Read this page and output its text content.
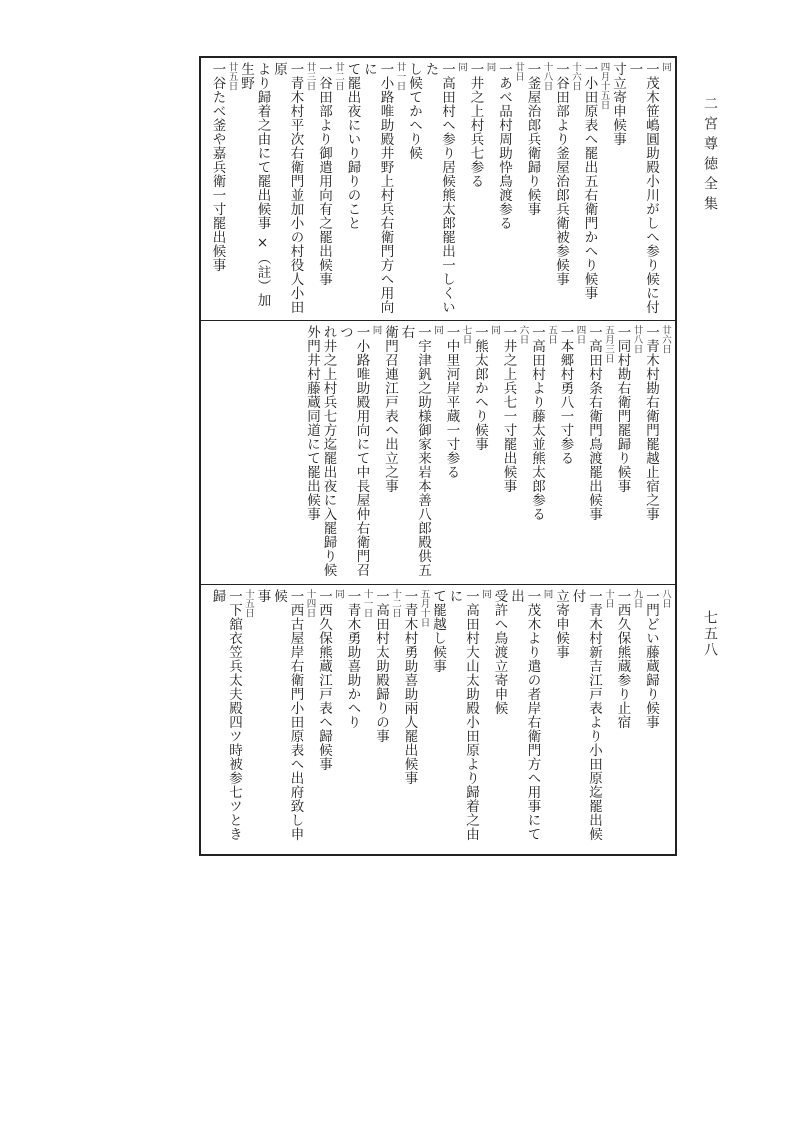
二宮尊徳全集
七五八
同
一茂木笹嶋圓助殿小川がしへ参り候に付一
寸立寄申候事
四月十五日
一小田原表へ罷出五右衛門かへり候事
十六日
一谷田部より釜屋治郎兵衛被参候事
十八日
一釜屋治郎兵衛歸り候事
廿日
一あべ品村周助忰鳥渡参る
同
一井之上村兵七参る
同
一高田村へ参り居候熊太郎罷出一しくいた
し候てかへり候
廿一日
一小路唯助殿井野上村兵右衛門方へ用向に
て罷出夜にいり歸りのこと
廿二日
一谷田部より御遣用向有之罷出候事
廿三日
一青木村平次右衛門並加小の村役人小田原
より歸着之由にて罷出候事 ×（註）加生野
廿五日
一谷たべ釜や嘉兵衛一寸罷出候事
廿六日
一青木村勘右衛門罷越止宿之事
廿八日
一同村勘右衛門罷歸り候事
五月三日
一高田村条右衛門鳥渡罷出候事
四日
一本郷村勇八一寸参る
五日
一高田村より藤太並熊太郎参る
六日
一井之上兵七一寸罷出候事
同
一熊太郎かへり候事
七日
一中里河岸平蔵一寸参る
同
一宇津釩之助様御家来岩本善八郎殿供五右
衛門召連江戸表へ出立之事
同
一小路唯助殿用向にて中長屋仲右衛門召つ
れ井之上村兵七方迄罷出夜に入罷歸り候
外門井村藤蔵同道にて罷出候事
八日
一門どい藤蔵歸り候事
九日
一西久保熊蔵参り止宿
十日
一青木村新吉江戸表より小田原迄罷出候付
立寄申候事
同
一茂木より遣の者岸右衛門方へ用事にて出
受許へ鳥渡立寄申候
同
一高田村大山太助殿小田原より歸着之由に
て罷越し候事
五月十日
一青木村勇助喜助兩人罷出候事
十二日
一高田村太助殿歸りの事
十一日
一青木勇助喜助かへり
同
一西久保熊蔵江戸表へ歸候事
十四日
一西古屋岸右衛門小田原表へ出府致し申候
事
十五日
一下舘衣笠兵太夫殿四ツ時被参七ツとき歸
